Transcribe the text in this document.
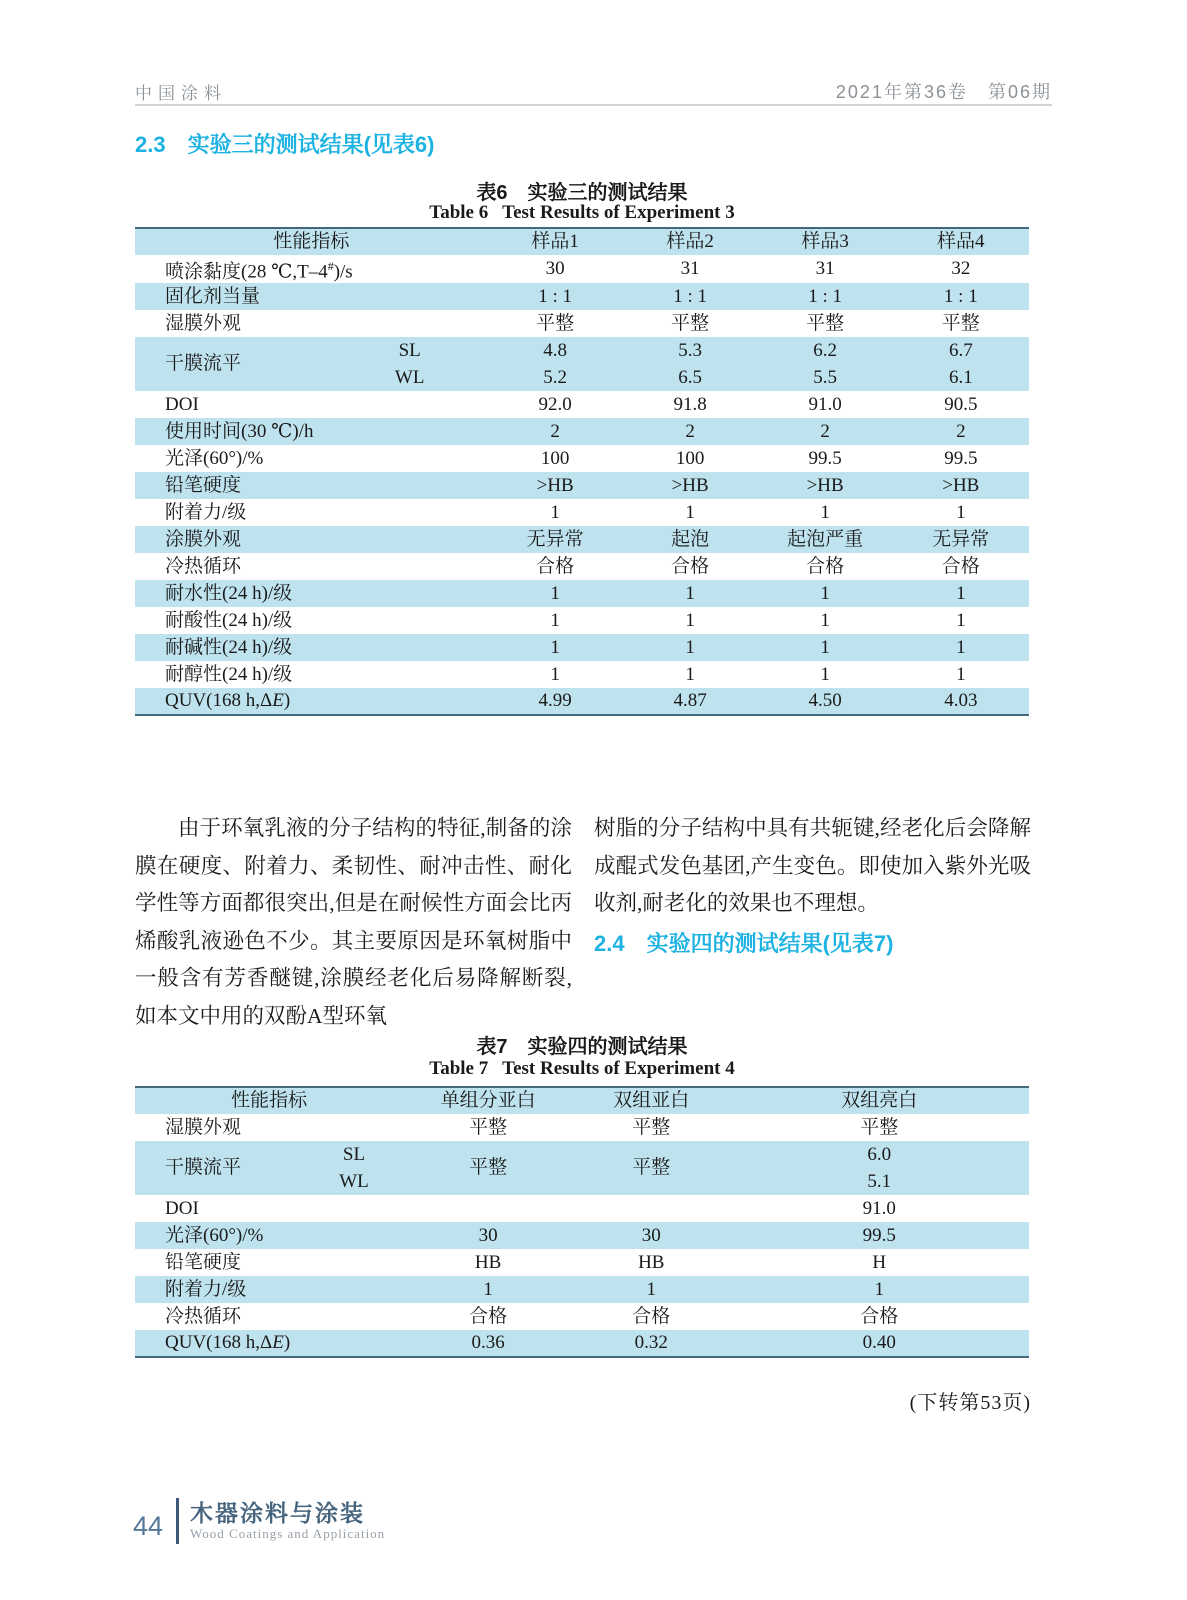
中国涂料	2021年第36卷　第06期
2.3 实验三的测试结果(见表6)
表6　实验三的测试结果
Table 6   Test Results of Experiment 3
性能指标		样品1	样品2	样品3	样品4
喷涂黏度(28 ℃,T–4#)/s		30	31	31	32
固化剂当量		1 : 1	1 : 1	1 : 1	1 : 1
湿膜外观		平整	平整	平整	平整
干膜流平	SL	4.8	5.3	6.2	6.7
	WL	5.2	6.5	5.5	6.1
DOI		92.0	91.8	91.0	90.5
使用时间(30 ℃)/h		2	2	2	2
光泽(60°)/%		100	100	99.5	99.5
铅笔硬度		>HB	>HB	>HB	>HB
附着力/级		1	1	1	1
涂膜外观		无异常	起泡	起泡严重	无异常
冷热循环		合格	合格	合格	合格
耐水性(24 h)/级		1	1	1	1
耐酸性(24 h)/级		1	1	1	1
耐碱性(24 h)/级		1	1	1	1
耐醇性(24 h)/级		1	1	1	1
QUV(168 h,ΔE)		4.99	4.87	4.50	4.03

由于环氧乳液的分子结构的特征,制备的涂膜在硬度、附着力、柔韧性、耐冲击性、耐化学性等方面都很突出,但是在耐候性方面会比丙烯酸乳液逊色不少。其主要原因是环氧树脂中一般含有芳香醚键,涂膜经老化后易降解断裂,如本文中用的双酚A型环氧

树脂的分子结构中具有共轭键,经老化后会降解成醌式发色基团,产生变色。即使加入紫外光吸收剂,耐老化的效果也不理想。

2.4 实验四的测试结果(见表7)
表7　实验四的测试结果
Table 7   Test Results of Experiment 4
性能指标		单组分亚白	双组亚白	双组亮白
湿膜外观		平整	平整	平整
干膜流平	SL	平整	平整	6.0
	WL			5.1
DOI				91.0
光泽(60°)/%		30	30	99.5
铅笔硬度		HB	HB	H
附着力/级		1	1	1
冷热循环		合格	合格	合格
QUV(168 h,ΔE)		0.36	0.32	0.40
(下转第53页)
44 木器涂料与涂装
Wood Coatings and Application
